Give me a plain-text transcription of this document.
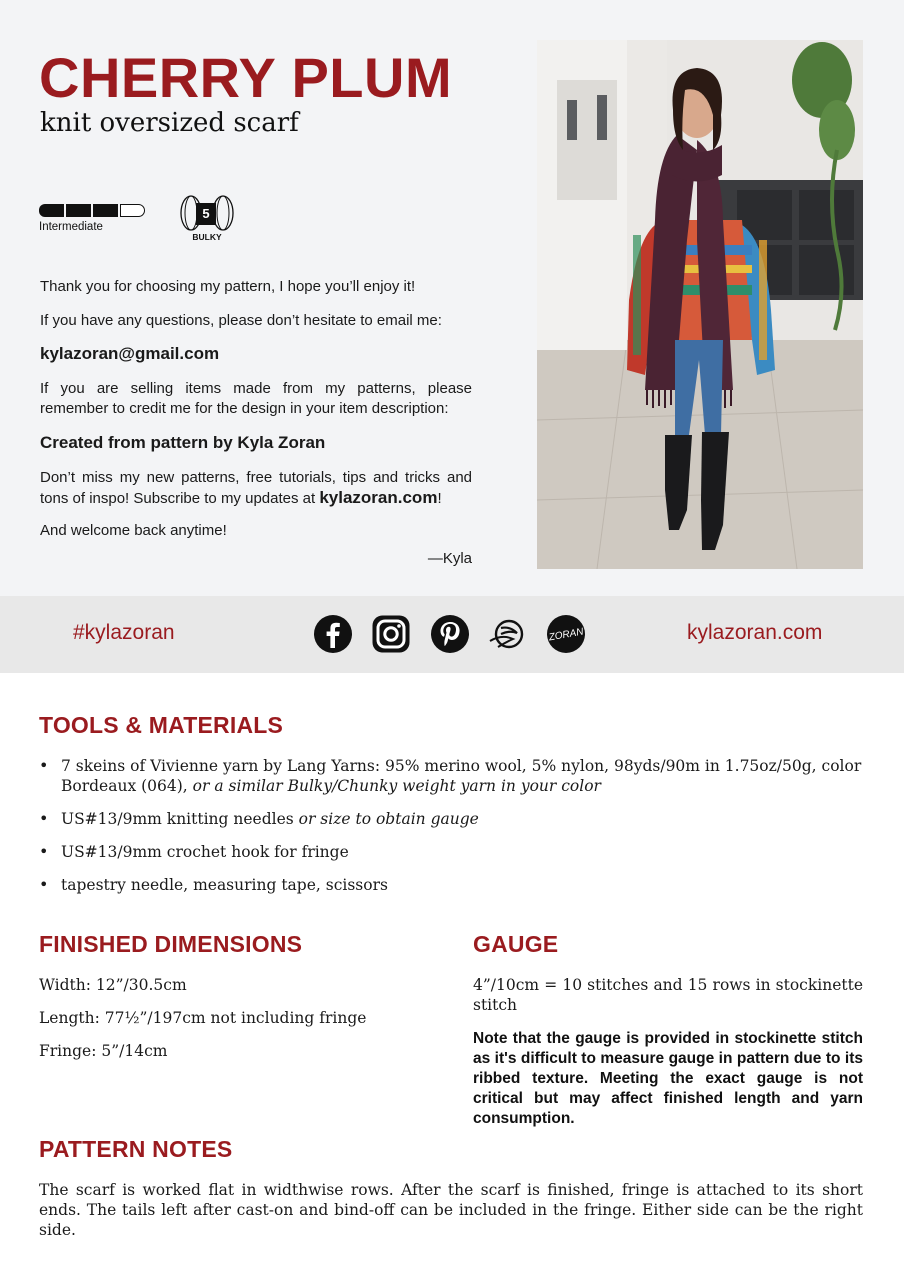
CHERRY PLUM
knit oversized scarf
Intermediate
5
BULKY

Thank you for choosing my pattern, I hope you’ll enjoy it!

If you have any questions, please don’t hesitate to email me:

kylazoran@gmail.com

If you are selling items made from my patterns, please remember to credit me for the design in your item description:

Created from pattern by Kyla Zoran

Don’t miss my new patterns, free tutorials, tips and tricks and tons of inspo! Subscribe to my updates at kylazoran.com!

And welcome back anytime!

—Kyla
#kylazoran	ZORAN	kylazoran.com
TOOLS & MATERIALS
• 7 skeins of Vivienne yarn by Lang Yarns: 95% merino wool, 5% nylon, 98yds/90m in 1.75oz/50g, color Bordeaux (064), or a similar Bulky/Chunky weight yarn in your color
• US#13/9mm knitting needles or size to obtain gauge
• US#13/9mm crochet hook for fringe
• tapestry needle, measuring tape, scissors
FINISHED DIMENSIONS

Width: 12”/30.5cm

Length: 77½”/197cm not including fringe

Fringe: 5”/14cm

GAUGE

4”/10cm = 10 stitches and 15 rows in stockinette stitch

Note that the gauge is provided in stockinette stitch as it's difficult to measure gauge in pattern due to its ribbed texture. Meeting the exact gauge is not critical but may affect finished length and yarn consumption.

PATTERN NOTES

The scarf is worked flat in widthwise rows. After the scarf is finished, fringe is attached to its short ends. The tails left after cast-on and bind-off can be included in the fringe. Either side can be the right side.
